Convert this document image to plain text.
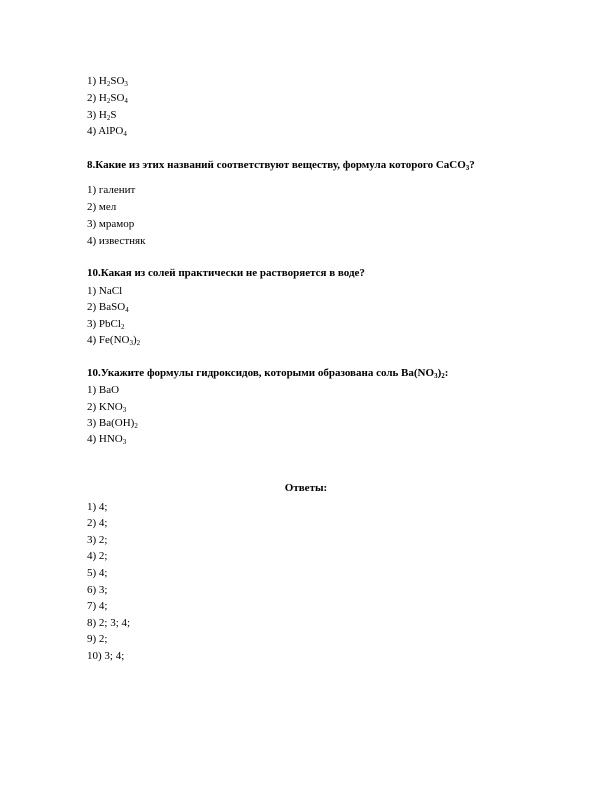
1) $H_2SO_3$
2) $H_2SO_4$
3) $H_2S$
4) AlPO$_4$
8.Какие из этих названий соответствуют веществу, формула которого CaCO$_3$?
1) галенит
2) мел
3) мрамор
4) известняк
10.Какая из солей практически не растворяется в воде?
1) NaCl
2) BaSO$_4$
3) PbCl$_2$
4) $Fe(NO_3)_2$
10.Укажите формулы гидроксидов, которыми образована соль $Ba(NO_3)_2$:
1) BaO
2) $KNO_3$
3) $Ba(OH)_2$
4) $HNO_3$
Ответы:
1) 4;
2) 4;
3) 2;
4) 2;
5) 4;
6) 3;
7) 4;
8) 2; 3; 4;
9) 2;
10) 3; 4;
